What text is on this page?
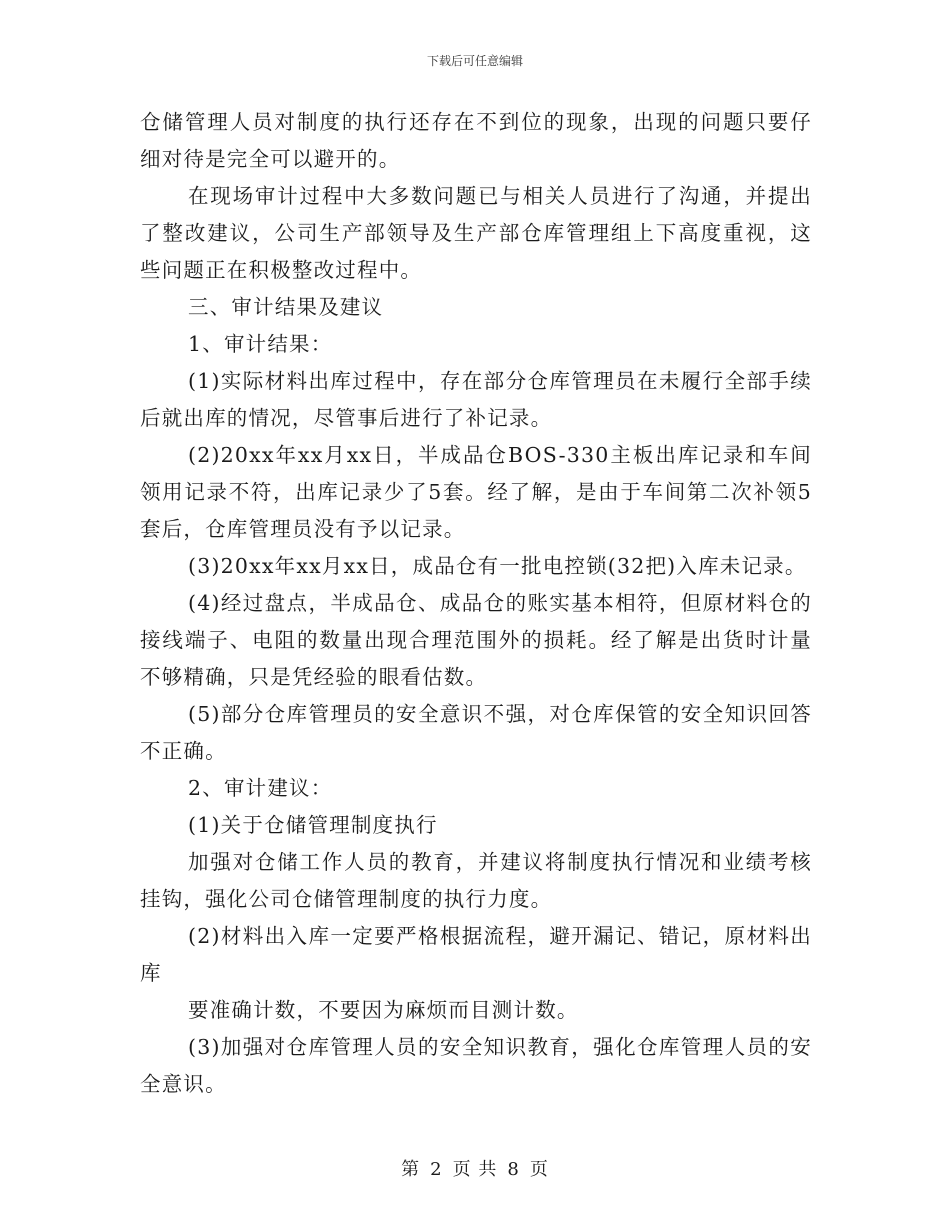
下载后可任意编辑

仓储管理人员对制度的执行还存在不到位的现象，出现的问题只要仔细对待是完全可以避开的。

在现场审计过程中大多数问题已与相关人员进行了沟通，并提出了整改建议，公司生产部领导及生产部仓库管理组上下高度重视，这些问题正在积极整改过程中。

三、审计结果及建议

1、审计结果：

(1)实际材料出库过程中，存在部分仓库管理员在未履行全部手续后就出库的情况，尽管事后进行了补记录。

(2)20xx年xx月xx日，半成品仓BOS-330主板出库记录和车间领用记录不符，出库记录少了5套。经了解，是由于车间第二次补领5套后，仓库管理员没有予以记录。

(3)20xx年xx月xx日，成品仓有一批电控锁(32把)入库未记录。

(4)经过盘点，半成品仓、成品仓的账实基本相符，但原材料仓的接线端子、电阻的数量出现合理范围外的损耗。经了解是出货时计量不够精确，只是凭经验的眼看估数。

(5)部分仓库管理员的安全意识不强，对仓库保管的安全知识回答不正确。

2、审计建议：

(1)关于仓储管理制度执行

加强对仓储工作人员的教育，并建议将制度执行情况和业绩考核挂钩，强化公司仓储管理制度的执行力度。

(2)材料出入库一定要严格根据流程，避开漏记、错记，原材料出库

要准确计数，不要因为麻烦而目测计数。

(3)加强对仓库管理人员的安全知识教育，强化仓库管理人员的安全意识。

第 2 页 共 8 页
